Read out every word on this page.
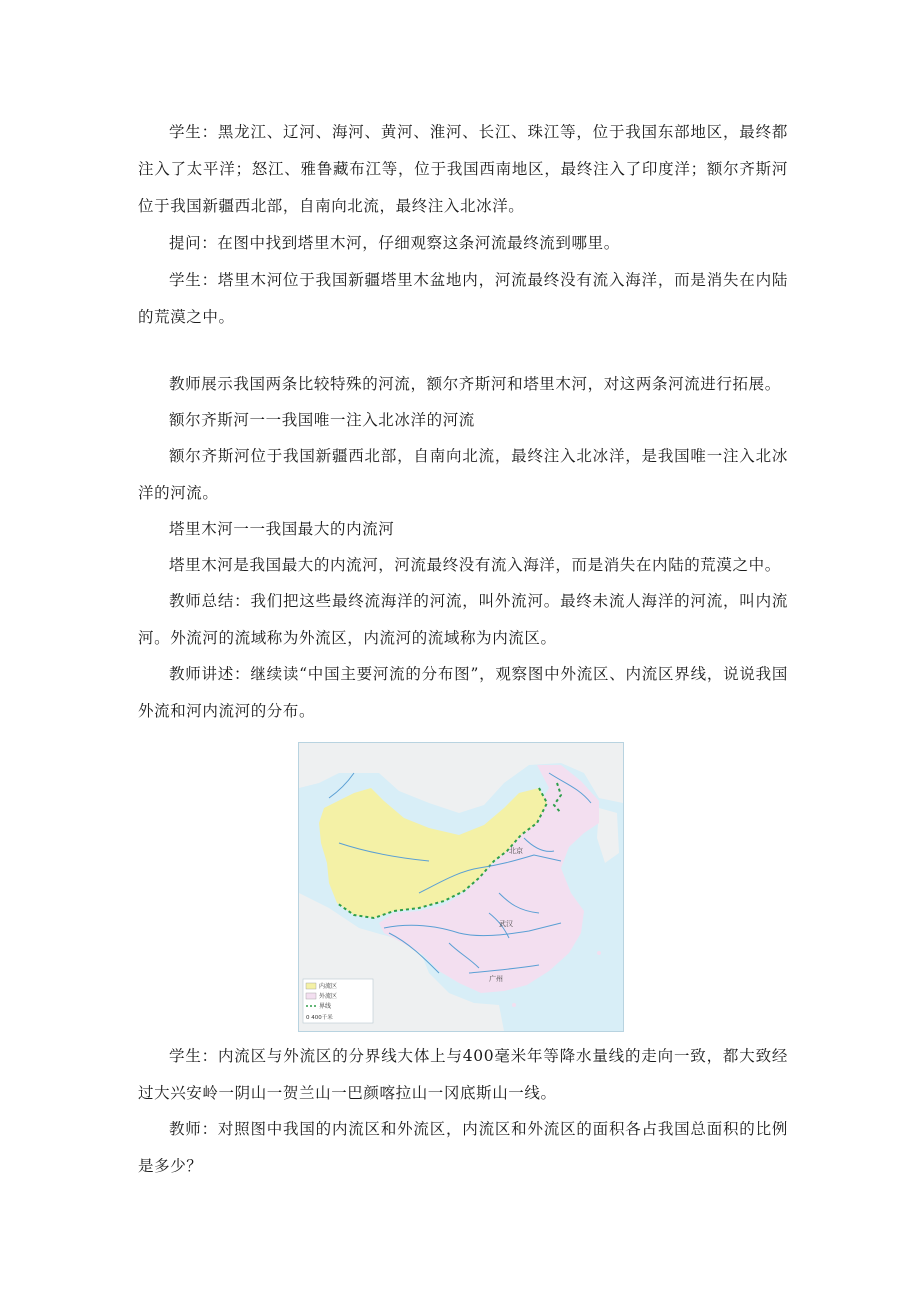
学生：黑龙江、辽河、海河、黄河、淮河、长江、珠江等，位于我国东部地区，最终都注入了太平洋；怒江、雅鲁藏布江等，位于我国西南地区，最终注入了印度洋；额尔齐斯河位于我国新疆西北部，自南向北流，最终注入北冰洋。

提问：在图中找到塔里木河，仔细观察这条河流最终流到哪里。

学生：塔里木河位于我国新疆塔里木盆地内，河流最终没有流入海洋，而是消失在内陆的荒漠之中。

教师展示我国两条比较特殊的河流，额尔齐斯河和塔里木河，对这两条河流进行拓展。

额尔齐斯河一一我国唯一注入北冰洋的河流

额尔齐斯河位于我国新疆西北部，自南向北流，最终注入北冰洋，是我国唯一注入北冰洋的河流。

塔里木河一一我国最大的内流河

塔里木河是我国最大的内流河，河流最终没有流入海洋，而是消失在内陆的荒漠之中。

教师总结：我们把这些最终流海洋的河流，叫外流河。最终未流人海洋的河流，叫内流河。外流河的流域称为外流区，内流河的流域称为内流区。

教师讲述：继续读“中国主要河流的分布图”，观察图中外流区、内流区界线，说说我国外流和河内流河的分布。

北京
武汉
广州
内流区
外流区
界线
0 400千米

学生：内流区与外流区的分界线大体上与400毫米年等降水量线的走向一致，都大致经过大兴安岭一阴山一贺兰山一巴颜喀拉山一冈底斯山一线。

教师：对照图中我国的内流区和外流区，内流区和外流区的面积各占我国总面积的比例是多少？
